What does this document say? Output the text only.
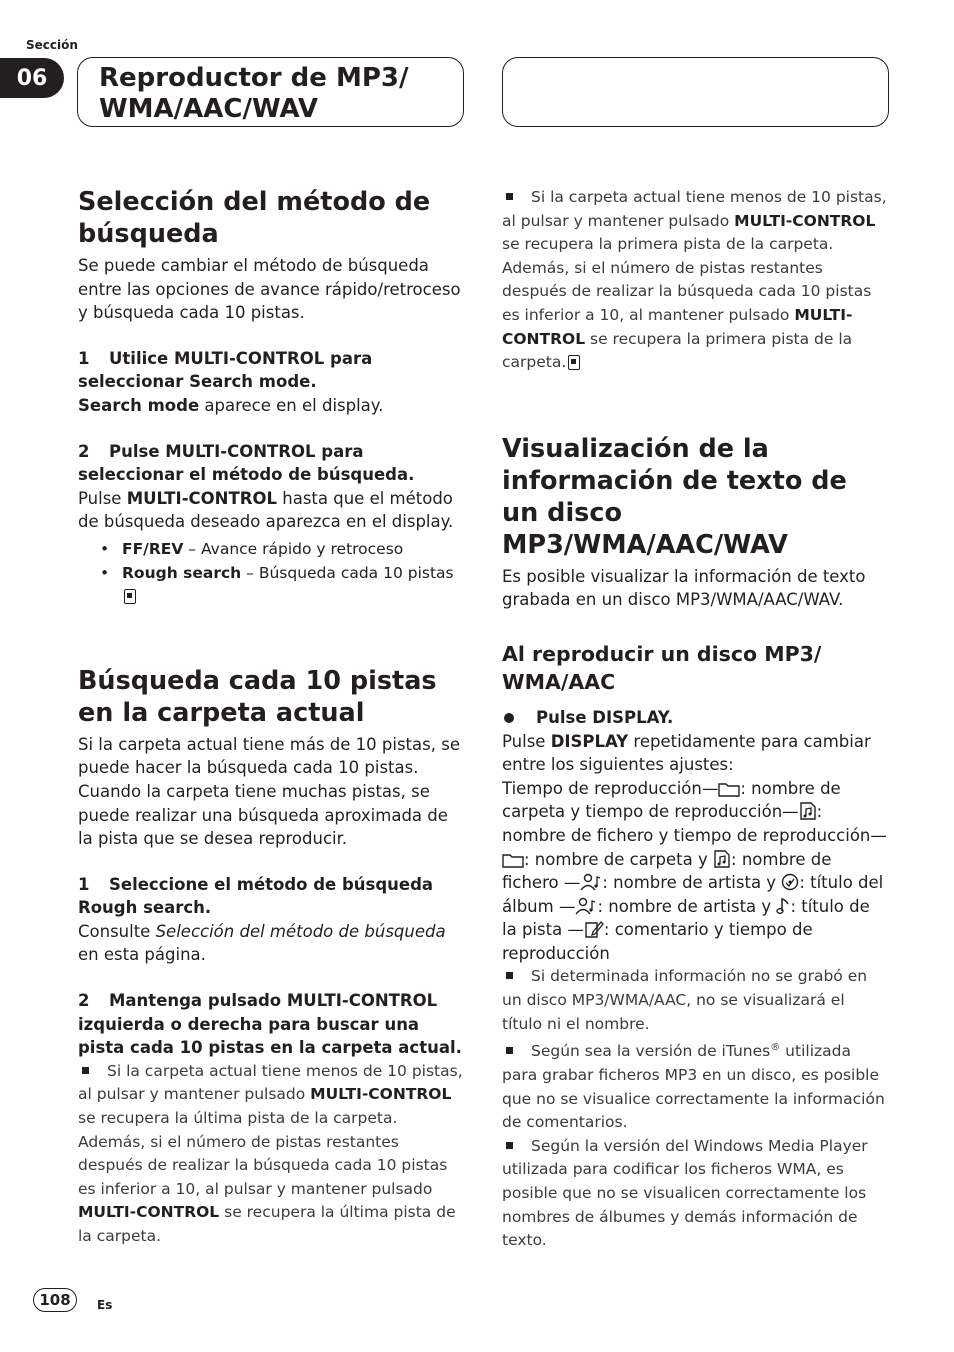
Sección
06	Reproductor de MP3/
WMA/AAC/WAV
Selección del método de búsqueda

Se puede cambiar el método de búsqueda entre las opciones de avance rápido/retroceso y búsqueda cada 10 pistas.

1 Utilice MULTI-CONTROL para seleccionar Search mode.

Search mode aparece en el display.

2 Pulse MULTI-CONTROL para seleccionar el método de búsqueda.

Pulse MULTI-CONTROL hasta que el método de búsqueda deseado aparezca en el display.

• FF/REV – Avance rápido y retroceso
• Rough search – Búsqueda cada 10 pistas
Búsqueda cada 10 pistas en la carpeta actual

Si la carpeta actual tiene más de 10 pistas, se puede hacer la búsqueda cada 10 pistas. Cuando la carpeta tiene muchas pistas, se puede realizar una búsqueda aproximada de la pista que se desea reproducir.

1 Seleccione el método de búsqueda Rough search.

Consulte Selección del método de búsqueda en esta página.

2 Mantenga pulsado MULTI-CONTROL izquierda o derecha para buscar una pista cada 10 pistas en la carpeta actual.

Si la carpeta actual tiene menos de 10 pistas, al pulsar y mantener pulsado MULTI-CONTROL se recupera la última pista de la carpeta. Además, si el número de pistas restantes después de realizar la búsqueda cada 10 pistas es inferior a 10, al pulsar y mantener pulsado MULTI-CONTROL se recupera la última pista de la carpeta.

Si la carpeta actual tiene menos de 10 pistas, al pulsar y mantener pulsado MULTI-CONTROL se recupera la primera pista de la carpeta. Además, si el número de pistas restantes después de realizar la búsqueda cada 10 pistas es inferior a 10, al mantener pulsado MULTI-CONTROL se recupera la primera pista de la carpeta.

Visualización de la información de texto de un disco MP3/WMA/AAC/WAV

Es posible visualizar la información de texto grabada en un disco MP3/WMA/AAC/WAV.

Al reproducir un disco MP3/ WMA/AAC

Pulse DISPLAY.

Pulse DISPLAY repetidamente para cambiar entre los siguientes ajustes:

Tiempo de reproducción— : nombre de carpeta y tiempo de reproducción— : nombre de fichero y tiempo de reproducción—: nombre de carpeta y : nombre de fichero — : nombre de artista y : título del álbum — : nombre de artista y : título de la pista — : comentario y tiempo de reproducción

Si determinada información no se grabó en un disco MP3/WMA/AAC, no se visualizará el título ni el nombre.

Según sea la versión de iTunes® utilizada para grabar ficheros MP3 en un disco, es posible que no se visualice correctamente la información de comentarios.

Según la versión del Windows Media Player utilizada para codificar los ficheros WMA, es posible que no se visualicen correctamente los nombres de álbumes y demás información de texto.

108	Es
